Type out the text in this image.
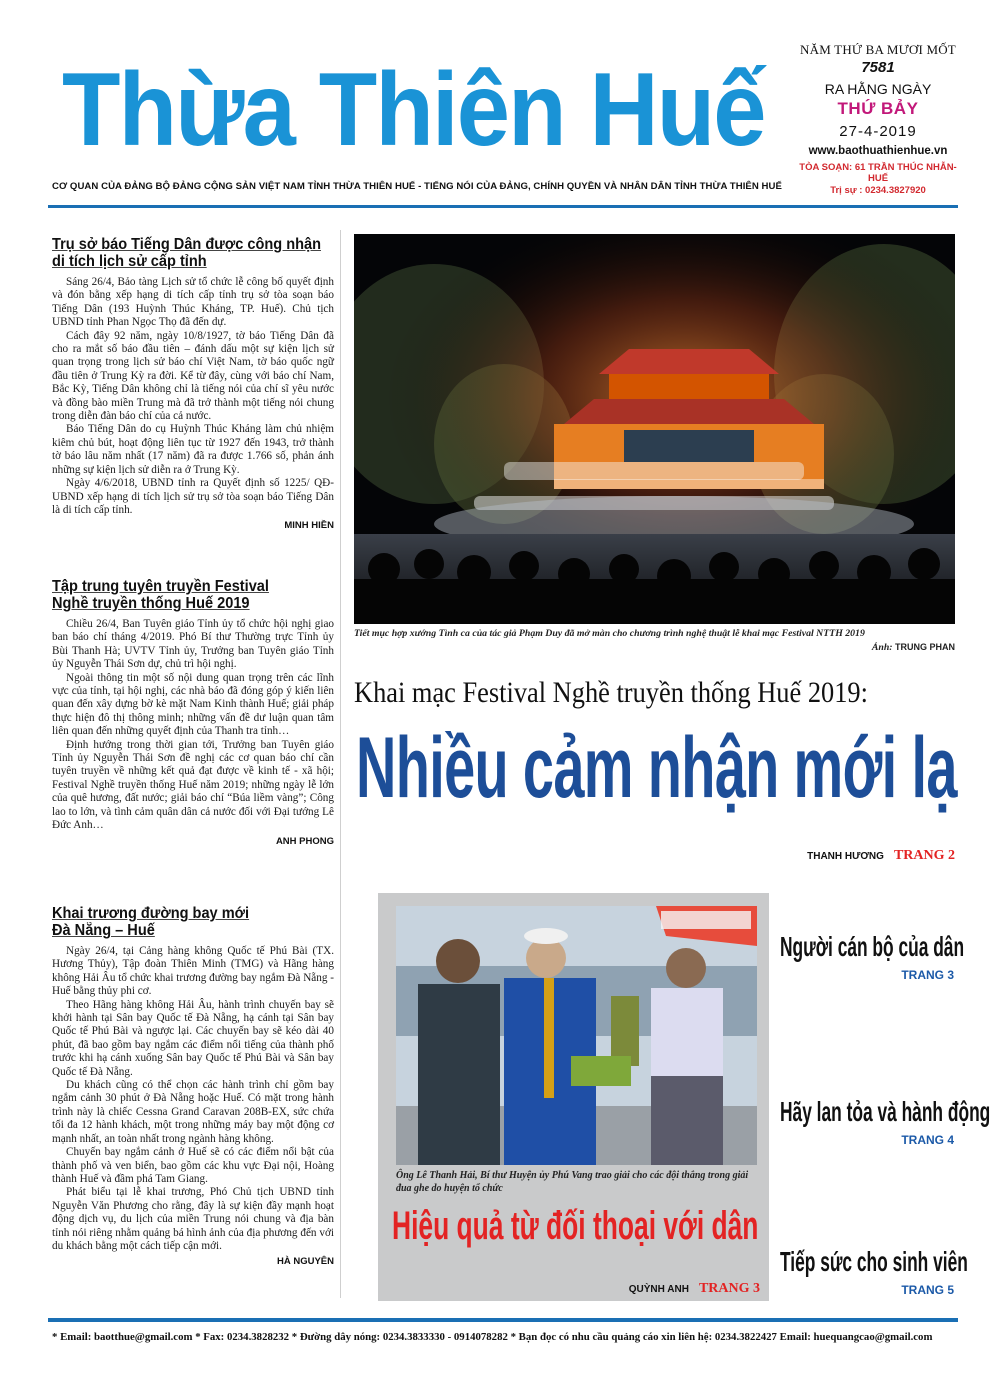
Thừa Thiên Huế
NĂM THỨ BA MƯƠI MỐT
7581
RA HẰNG NGÀY
THỨ BẢY
27-4-2019
www.baothuathienhue.vn
TÒA SOẠN: 61 TRẦN THÚC NHẪN-HUẾ
Trị sự : 0234.3827920
CƠ QUAN CỦA ĐẢNG BỘ ĐẢNG CỘNG SẢN VIỆT NAM TỈNH THỪA THIÊN HUẾ - TIẾNG NÓI CỦA ĐẢNG, CHÍNH QUYỀN VÀ NHÂN DÂN TỈNH THỪA THIÊN HUẾ
Trụ sở báo Tiếng Dân được công nhận
di tích lịch sử cấp tỉnh

Sáng 26/4, Bảo tàng Lịch sử tổ chức lễ công bố quyết định và đón bằng xếp hạng di tích cấp tỉnh trụ sở tòa soạn báo Tiếng Dân (193 Huỳnh Thúc Kháng, TP. Huế). Chủ tịch UBND tỉnh Phan Ngọc Thọ đã đến dự.

Cách đây 92 năm, ngày 10/8/1927, tờ báo Tiếng Dân đã cho ra mắt số báo đầu tiên – đánh dấu một sự kiện lịch sử quan trọng trong lịch sử báo chí Việt Nam, tờ báo quốc ngữ đầu tiên ở Trung Kỳ ra đời. Kể từ đây, cùng với báo chí Nam, Bắc Kỳ, Tiếng Dân không chỉ là tiếng nói của chí sĩ yêu nước và đồng bào miền Trung mà đã trở thành một tiếng nói chung trong diễn đàn báo chí của cả nước.

Báo Tiếng Dân do cụ Huỳnh Thúc Kháng làm chủ nhiệm kiêm chủ bút, hoạt động liên tục từ 1927 đến 1943, trở thành tờ báo lâu năm nhất (17 năm) đã ra được 1.766 số, phản ánh những sự kiện lịch sử diễn ra ở Trung Kỳ.

Ngày 4/6/2018, UBND tỉnh ra Quyết định số 1225/ QĐ-UBND xếp hạng di tích lịch sử trụ sở tòa soạn báo Tiếng Dân là di tích cấp tỉnh.

MINH HIỀN
Tập trung tuyên truyền Festival
Nghề truyền thống Huế 2019

Chiều 26/4, Ban Tuyên giáo Tỉnh ủy tổ chức hội nghị giao ban báo chí tháng 4/2019. Phó Bí thư Thường trực Tỉnh ủy Bùi Thanh Hà; UVTV Tỉnh ủy, Trưởng ban Tuyên giáo Tỉnh ủy Nguyễn Thái Sơn dự, chủ trì hội nghị.

Ngoài thông tin một số nội dung quan trọng trên các lĩnh vực của tỉnh, tại hội nghị, các nhà báo đã đóng góp ý kiến liên quan đến xây dựng bờ kè mặt Nam Kinh thành Huế; giải pháp thực hiện đô thị thông minh; những vấn đề dư luận quan tâm liên quan đến những quyết định của Thanh tra tỉnh…

Định hướng trong thời gian tới, Trưởng ban Tuyên giáo Tỉnh ủy Nguyễn Thái Sơn đề nghị các cơ quan báo chí cần tuyên truyền về những kết quả đạt được về kinh tế - xã hội; Festival Nghề truyền thống Huế năm 2019; những ngày lễ lớn của quê hương, đất nước; giải báo chí “Búa liềm vàng”; Công lao to lớn, và tình cảm quân dân cả nước đối với Đại tướng Lê Đức Anh…

ANH PHONG
Khai trương đường bay mới
Đà Nẵng – Huế

Ngày 26/4, tại Cảng hàng không Quốc tế Phú Bài (TX. Hương Thủy), Tập đoàn Thiên Minh (TMG) và Hãng hàng không Hải Âu tổ chức khai trương đường bay ngắm Đà Nẵng - Huế bằng thủy phi cơ.

Theo Hãng hàng không Hải Âu, hành trình chuyến bay sẽ khởi hành tại Sân bay Quốc tế Đà Nẵng, hạ cánh tại Sân bay Quốc tế Phú Bài và ngược lại. Các chuyến bay sẽ kéo dài 40 phút, đã bao gồm bay ngắm các điểm nổi tiếng của thành phố trước khi hạ cánh xuống Sân bay Quốc tế Phú Bài và Sân bay Quốc tế Đà Nẵng.

Du khách cũng có thể chọn các hành trình chỉ gồm bay ngắm cảnh 30 phút ở Đà Nẵng hoặc Huế. Có mặt trong hành trình này là chiếc Cessna Grand Caravan 208B-EX, sức chứa tối đa 12 hành khách, một trong những máy bay một động cơ mạnh nhất, an toàn nhất trong ngành hàng không.

Chuyến bay ngắm cảnh ở Huế sẽ có các điểm nổi bật của thành phố và ven biển, bao gồm các khu vực Đại nội, Hoàng thành Huế và đầm phá Tam Giang.

Phát biểu tại lễ khai trương, Phó Chủ tịch UBND tỉnh Nguyễn Văn Phương cho rằng, đây là sự kiện đầy mạnh hoạt động dịch vụ, du lịch của miền Trung nói chung và địa bàn tỉnh nói riêng nhằm quảng bá hình ảnh của địa phương đến với du khách bằng một cách tiếp cận mới.

HÀ NGUYÊN
Tiết mục hợp xướng Tình ca của tác giả Phạm Duy đã mở màn cho chương trình nghệ thuật lễ khai mạc Festival NTTH 2019
Ảnh: TRUNG PHAN
Khai mạc Festival Nghề truyền thống Huế 2019:
Nhiều cảm nhận mới lạ
THANH HƯƠNG TRANG 2
Ông Lê Thanh Hải, Bí thư Huyện ủy Phú Vang trao giải cho các đội thắng trong giải đua ghe do huyện tổ chức
Hiệu quả từ đối thoại với dân
QUỲNH ANH TRANG 3
Người cán bộ của dân
TRANG 3
Hãy lan tỏa và hành động
TRANG 4
Tiếp sức cho sinh viên
TRANG 5
* Email: baotthue@gmail.com * Fax: 0234.3828232 * Đường dây nóng: 0234.3833330 - 0914078282 * Bạn đọc có nhu cầu quảng cáo xin liên hệ: 0234.3822427 Email: huequangcao@gmail.com
